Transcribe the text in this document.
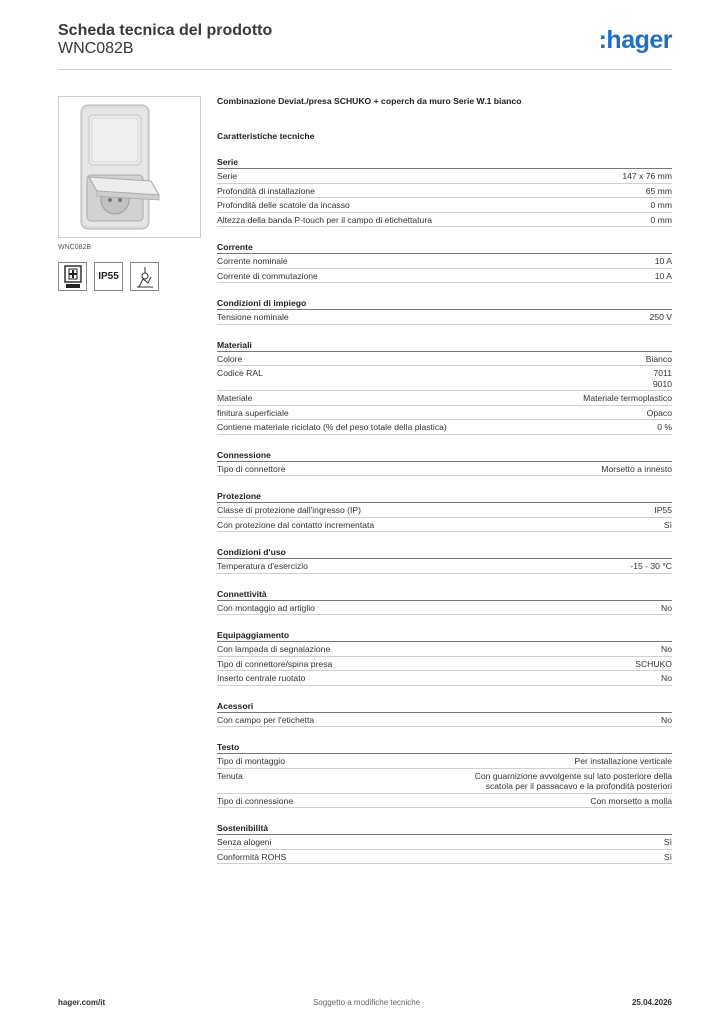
Scheda tecnica del prodotto
WNC082B	:hager
WNC082B
IP55
Combinazione Deviat./presa SCHUKO + coperch da muro Serie W.1 bianco
Caratteristiche tecniche
Serie
Serie	147 x 76 mm
Profondità di installazione	65 mm
Profondità delle scatole da incasso	0 mm
Altezza della banda P-touch per il campo di etichettatura	0 mm
Corrente
Corrente nominale	10 A
Corrente di commutazione	10 A
Condizioni di impiego
Tensione nominale	250 V
Materiali
Colore	Bianco
Codice RAL	7011
9010
Materiale	Materiale termoplastico
finitura superficiale	Opaco
Contiene materiale riciclato (% del peso totale della plastica)	0 %
Connessione
Tipo di connettore	Morsetto a innesto
Protezione
Classe di protezione dall'ingresso (IP)	IP55
Con protezione dal contatto incrementata	Sì
Condizioni d'uso
Temperatura d'esercizio	-15 - 30 °C
Connettività
Con montaggio ad artiglio	No
Equipaggiamento
Con lampada di segnalazione	No
Tipo di connettore/spina presa	SCHUKO
Inserto centrale ruotato	No
Acessori
Con campo per l'etichetta	No
Testo
Tipo di montaggio	Per installazione verticale
Tenuta	Con guarnizione avvolgente sul lato posteriore della scatola per il passacavo e la profondità posteriori
Tipo di connessione	Con morsetto a molla
Sostenibilità
Senza alogeni	Sì
Conformità ROHS	Sì
hager.com/it	Soggetto a modifiche tecniche	25.04.2026
